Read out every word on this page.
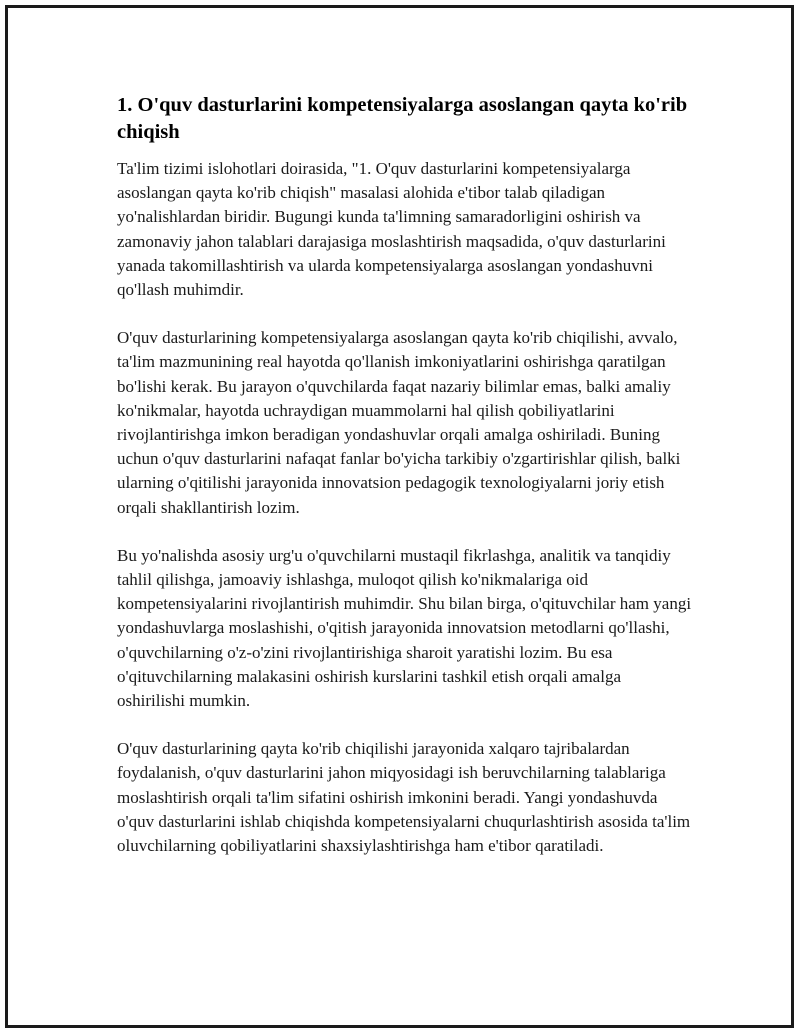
1. O'quv dasturlarini kompetensiyalarga asoslangan qayta ko'rib chiqish

Ta'lim tizimi islohotlari doirasida, "1. O'quv dasturlarini kompetensiyalarga asoslangan qayta ko'rib chiqish" masalasi alohida e'tibor talab qiladigan yo'nalishlardan biridir. Bugungi kunda ta'limning samaradorligini oshirish va zamonaviy jahon talablari darajasiga moslashtirish maqsadida, o'quv dasturlarini yanada takomillashtirish va ularda kompetensiyalarga asoslangan yondashuvni qo'llash muhimdir.

O'quv dasturlarining kompetensiyalarga asoslangan qayta ko'rib chiqilishi, avvalo, ta'lim mazmunining real hayotda qo'llanish imkoniyatlarini oshirishga qaratilgan bo'lishi kerak. Bu jarayon o'quvchilarda faqat nazariy bilimlar emas, balki amaliy ko'nikmalar, hayotda uchraydigan muammolarni hal qilish qobiliyatlarini rivojlantirishga imkon beradigan yondashuvlar orqali amalga oshiriladi. Buning uchun o'quv dasturlarini nafaqat fanlar bo'yicha tarkibiy o'zgartirishlar qilish, balki ularning o'qitilishi jarayonida innovatsion pedagogik texnologiyalarni joriy etish orqali shakllantirish lozim.

Bu yo'nalishda asosiy urg'u o'quvchilarni mustaqil fikrlashga, analitik va tanqidiy tahlil qilishga, jamoaviy ishlashga, muloqot qilish ko'nikmalariga oid kompetensiyalarini rivojlantirish muhimdir. Shu bilan birga, o'qituvchilar ham yangi yondashuvlarga moslashishi, o'qitish jarayonida innovatsion metodlarni qo'llashi, o'quvchilarning o'z-o'zini rivojlantirishiga sharoit yaratishi lozim. Bu esa o'qituvchilarning malakasini oshirish kurslarini tashkil etish orqali amalga oshirilishi mumkin.

O'quv dasturlarining qayta ko'rib chiqilishi jarayonida xalqaro tajribalardan foydalanish, o'quv dasturlarini jahon miqyosidagi ish beruvchilarning talablariga moslashtirish orqali ta'lim sifatini oshirish imkonini beradi. Yangi yondashuvda o'quv dasturlarini ishlab chiqishda kompetensiyalarni chuqurlashtirish asosida ta'lim oluvchilarning qobiliyatlarini shaxsiylashtirishga ham e'tibor qaratiladi.
